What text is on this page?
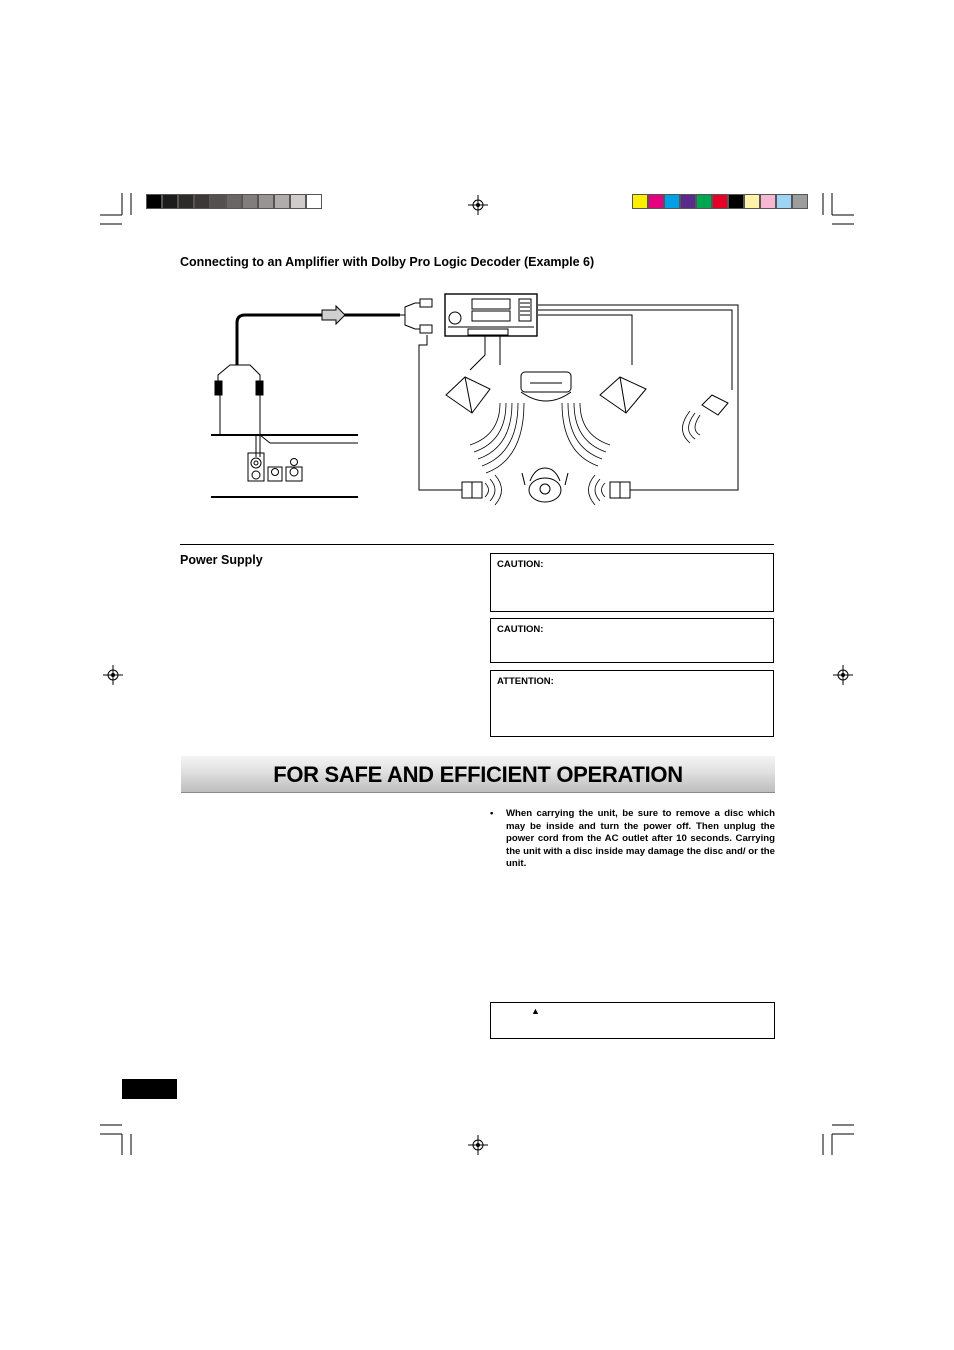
Connecting to an Amplifier with Dolby Pro Logic Decoder (Example 6)
Power Supply	CAUTION:
CAUTION:
ATTENTION:
FOR SAFE AND EFFICIENT OPERATION
• When carrying the unit, be sure to remove a disc which may be inside and turn the power off. Then unplug the power cord from the AC outlet after 10 seconds. Carrying the unit with a disc inside may damage the disc and/ or the unit.
▲
